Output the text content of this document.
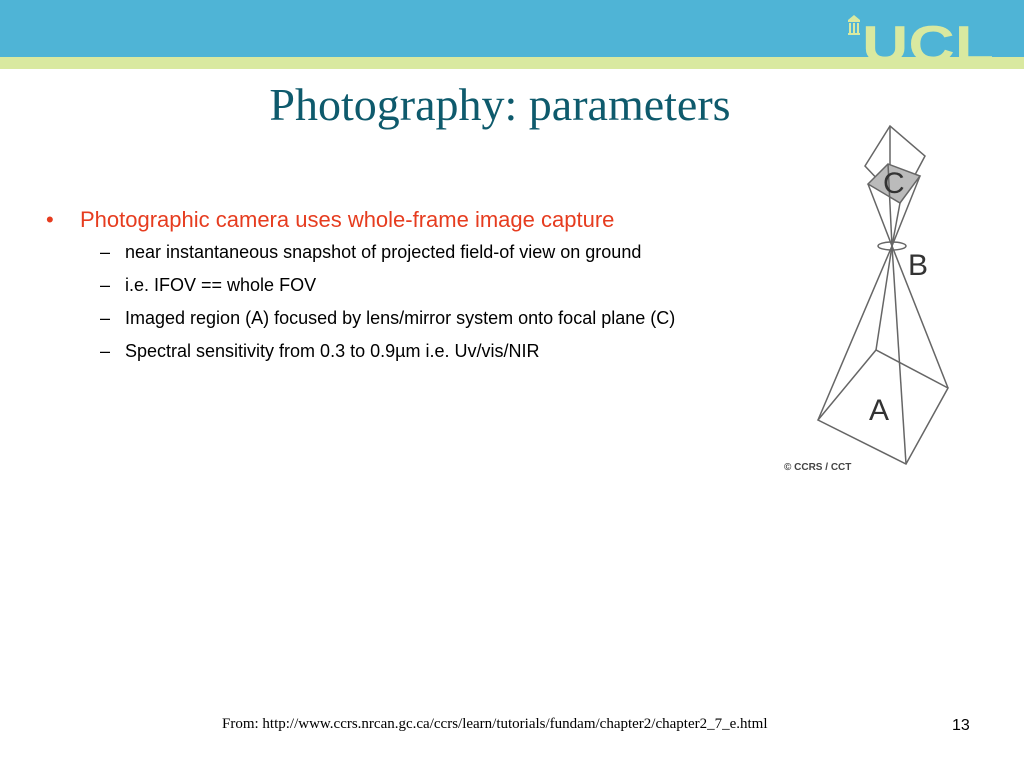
UCL
Photography: parameters
• Photographic camera uses whole-frame image capture
– near instantaneous snapshot of projected field-of view on ground
– i.e. IFOV == whole FOV
– Imaged region (A) focused by lens/mirror system onto focal plane (C)
– Spectral sensitivity from 0.3 to 0.9µm i.e. Uv/vis/NIR
C
B
A
© CCRS / CCT
From: http://www.ccrs.nrcan.gc.ca/ccrs/learn/tutorials/fundam/chapter2/chapter2_7_e.html	13
